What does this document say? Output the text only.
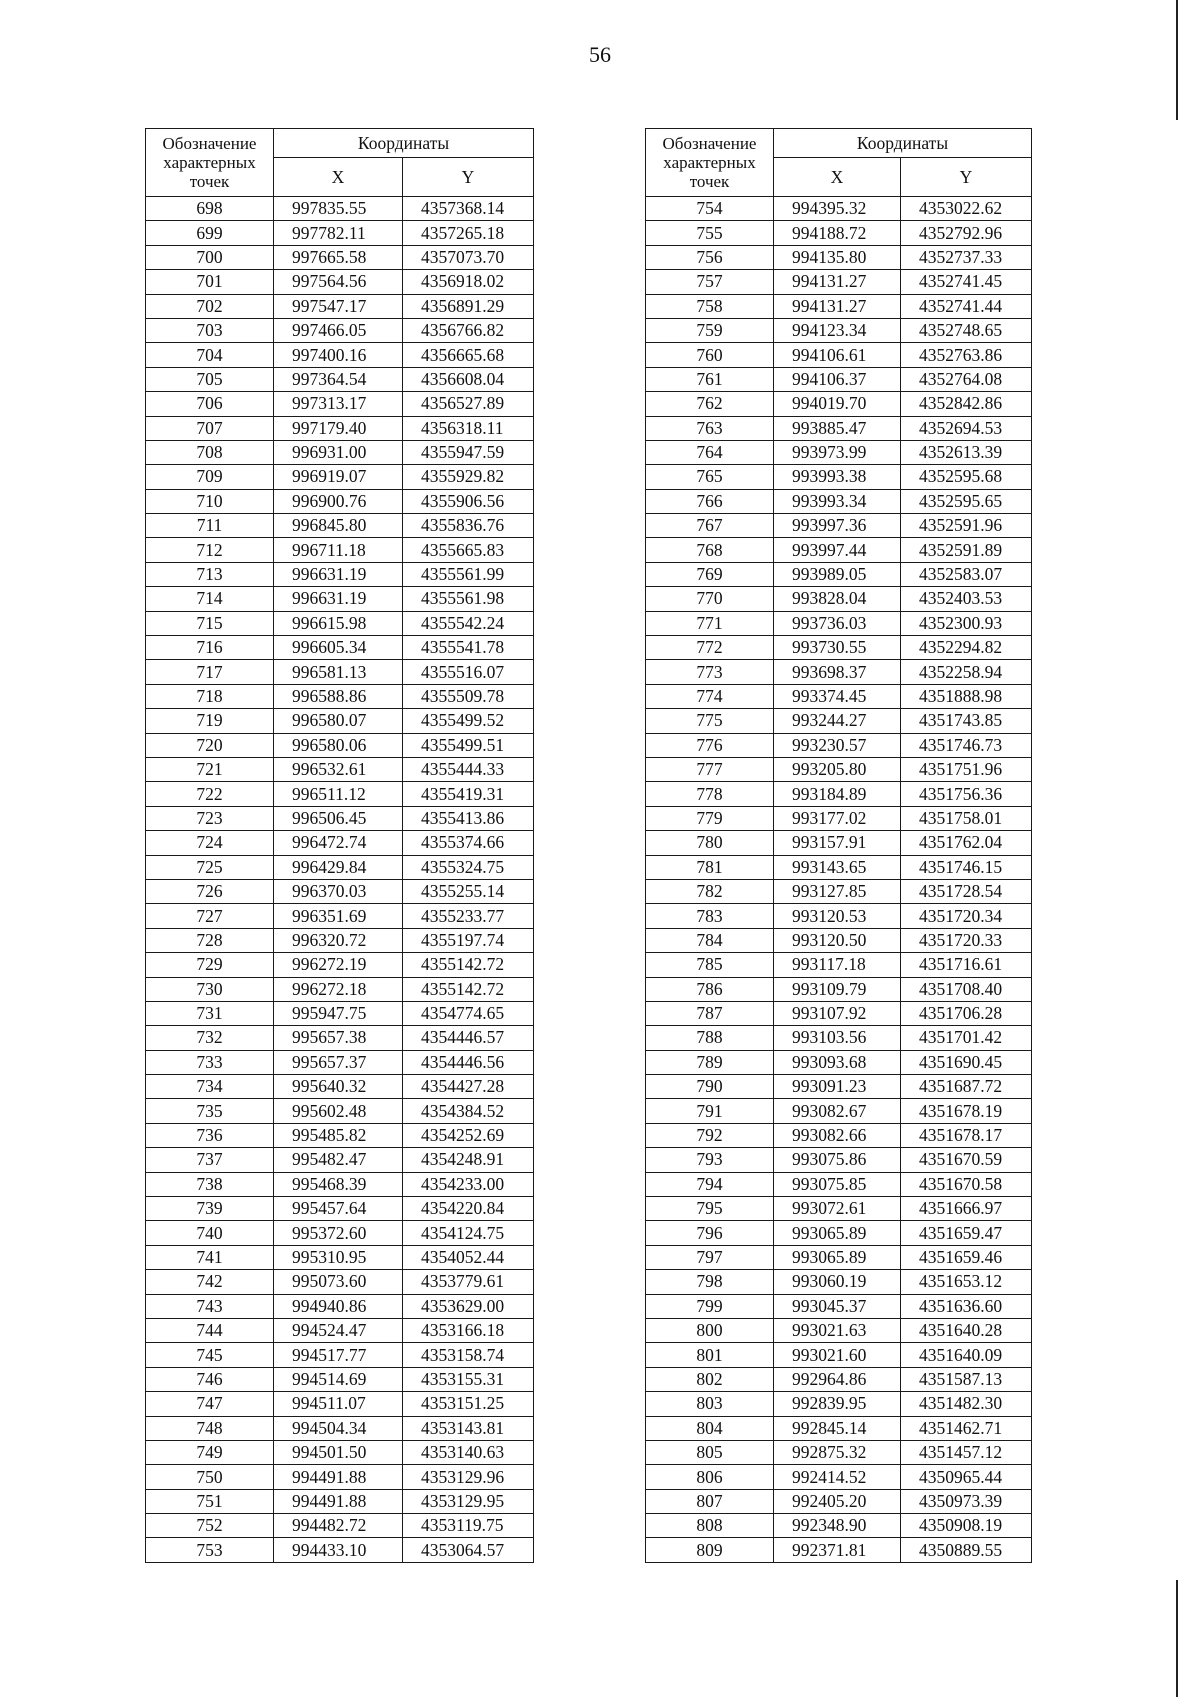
56
Обозначение характерных точек	Координаты	
	X	Y
698	997835.55	4357368.14
699	997782.11	4357265.18
700	997665.58	4357073.70
701	997564.56	4356918.02
702	997547.17	4356891.29
703	997466.05	4356766.82
704	997400.16	4356665.68
705	997364.54	4356608.04
706	997313.17	4356527.89
707	997179.40	4356318.11
708	996931.00	4355947.59
709	996919.07	4355929.82
710	996900.76	4355906.56
711	996845.80	4355836.76
712	996711.18	4355665.83
713	996631.19	4355561.99
714	996631.19	4355561.98
715	996615.98	4355542.24
716	996605.34	4355541.78
717	996581.13	4355516.07
718	996588.86	4355509.78
719	996580.07	4355499.52
720	996580.06	4355499.51
721	996532.61	4355444.33
722	996511.12	4355419.31
723	996506.45	4355413.86
724	996472.74	4355374.66
725	996429.84	4355324.75
726	996370.03	4355255.14
727	996351.69	4355233.77
728	996320.72	4355197.74
729	996272.19	4355142.72
730	996272.18	4355142.72
731	995947.75	4354774.65
732	995657.38	4354446.57
733	995657.37	4354446.56
734	995640.32	4354427.28
735	995602.48	4354384.52
736	995485.82	4354252.69
737	995482.47	4354248.91
738	995468.39	4354233.00
739	995457.64	4354220.84
740	995372.60	4354124.75
741	995310.95	4354052.44
742	995073.60	4353779.61
743	994940.86	4353629.00
744	994524.47	4353166.18
745	994517.77	4353158.74
746	994514.69	4353155.31
747	994511.07	4353151.25
748	994504.34	4353143.81
749	994501.50	4353140.63
750	994491.88	4353129.96
751	994491.88	4353129.95
752	994482.72	4353119.75
753	994433.10	4353064.57
Обозначение характерных точек	Координаты	
	X	Y
754	994395.32	4353022.62
755	994188.72	4352792.96
756	994135.80	4352737.33
757	994131.27	4352741.45
758	994131.27	4352741.44
759	994123.34	4352748.65
760	994106.61	4352763.86
761	994106.37	4352764.08
762	994019.70	4352842.86
763	993885.47	4352694.53
764	993973.99	4352613.39
765	993993.38	4352595.68
766	993993.34	4352595.65
767	993997.36	4352591.96
768	993997.44	4352591.89
769	993989.05	4352583.07
770	993828.04	4352403.53
771	993736.03	4352300.93
772	993730.55	4352294.82
773	993698.37	4352258.94
774	993374.45	4351888.98
775	993244.27	4351743.85
776	993230.57	4351746.73
777	993205.80	4351751.96
778	993184.89	4351756.36
779	993177.02	4351758.01
780	993157.91	4351762.04
781	993143.65	4351746.15
782	993127.85	4351728.54
783	993120.53	4351720.34
784	993120.50	4351720.33
785	993117.18	4351716.61
786	993109.79	4351708.40
787	993107.92	4351706.28
788	993103.56	4351701.42
789	993093.68	4351690.45
790	993091.23	4351687.72
791	993082.67	4351678.19
792	993082.66	4351678.17
793	993075.86	4351670.59
794	993075.85	4351670.58
795	993072.61	4351666.97
796	993065.89	4351659.47
797	993065.89	4351659.46
798	993060.19	4351653.12
799	993045.37	4351636.60
800	993021.63	4351640.28
801	993021.60	4351640.09
802	992964.86	4351587.13
803	992839.95	4351482.30
804	992845.14	4351462.71
805	992875.32	4351457.12
806	992414.52	4350965.44
807	992405.20	4350973.39
808	992348.90	4350908.19
809	992371.81	4350889.55
